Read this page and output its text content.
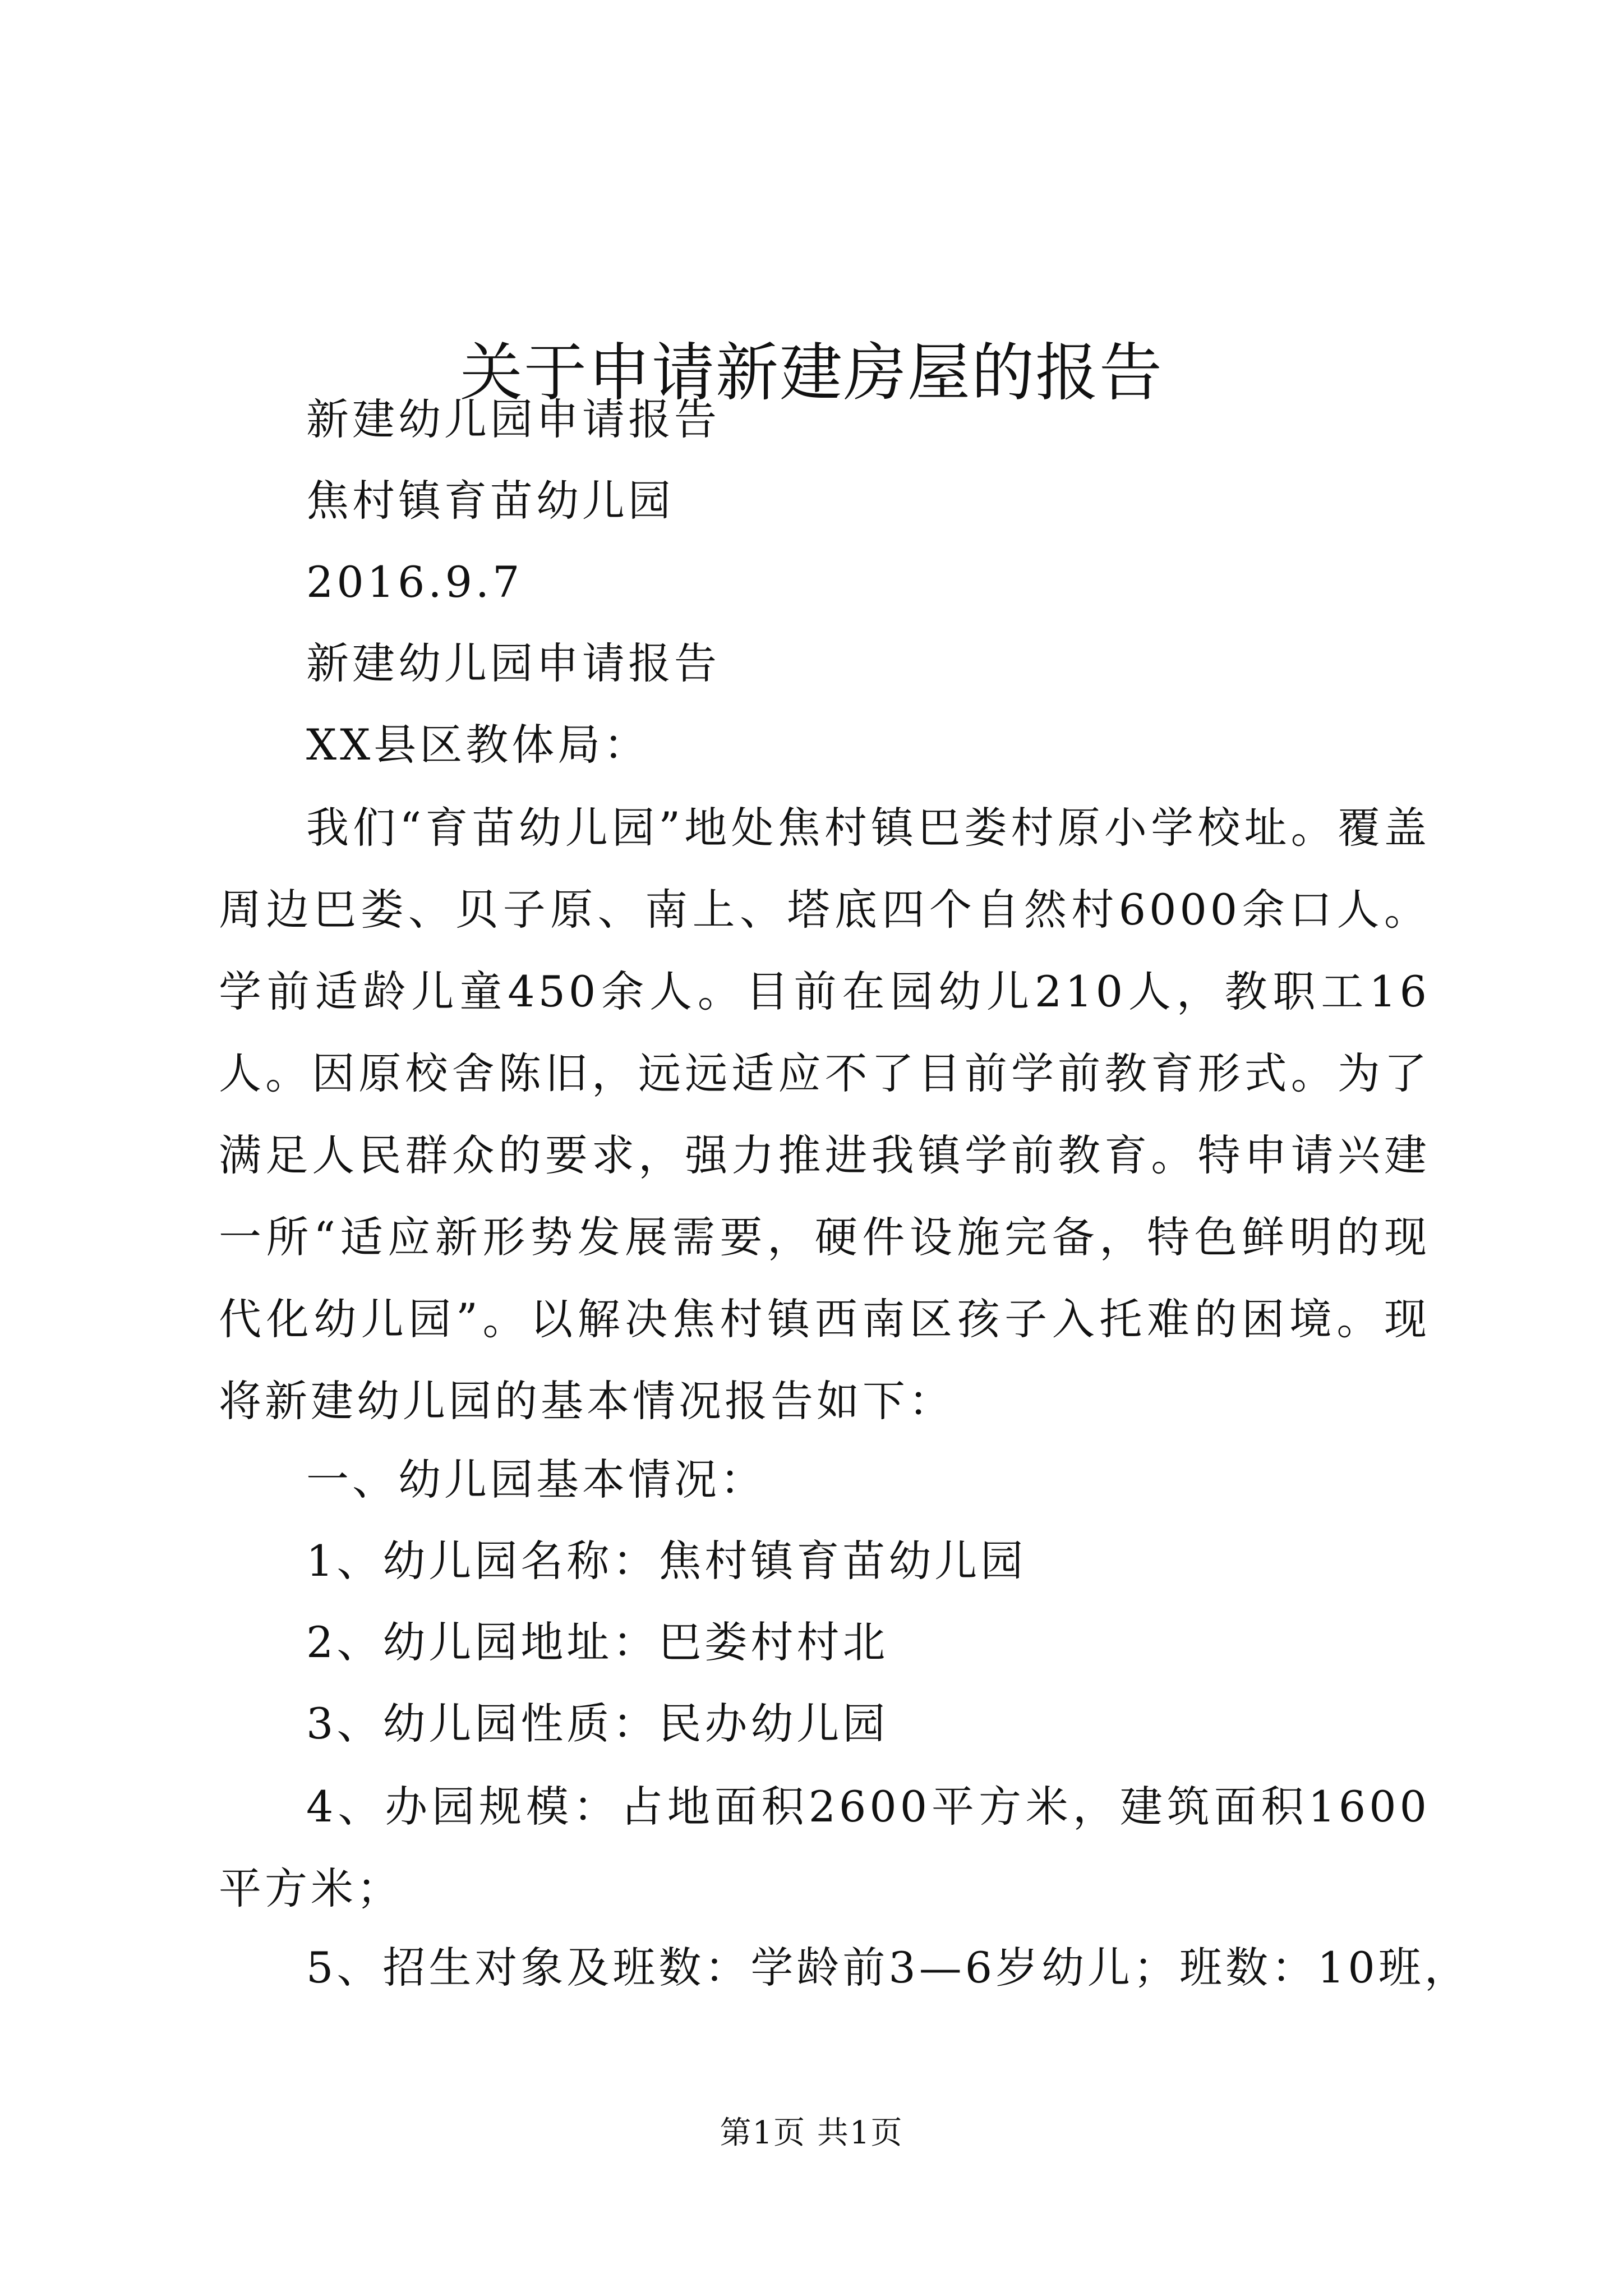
关于申请新建房屋的报告
新建幼儿园申请报告
焦村镇育苗幼儿园
2016.9.7
新建幼儿园申请报告
XX县区教体局：

我们“育苗幼儿园”地处焦村镇巴娄村原小学校址。覆盖周边巴娄、贝子原、南上、塔底四个自然村6000余口人。学前适龄儿童450余人。目前在园幼儿210人，教职工16人。因原校舍陈旧，远远适应不了目前学前教育形式。为了满足人民群众的要求，强力推进我镇学前教育。特申请兴建一所“适应新形势发展需要，硬件设施完备，特色鲜明的现代化幼儿园”。以解决焦村镇西南区孩子入托难的困境。现将新建幼儿园的基本情况报告如下：

一、幼儿园基本情况：
1、幼儿园名称：焦村镇育苗幼儿园
2、幼儿园地址：巴娄村村北
3、幼儿园性质：民办幼儿园

4、办园规模：占地面积2600平方米，建筑面积1600平方米；

5、招生对象及班数：学龄前3—6岁幼儿；班数：10班，
第1页 共1页
